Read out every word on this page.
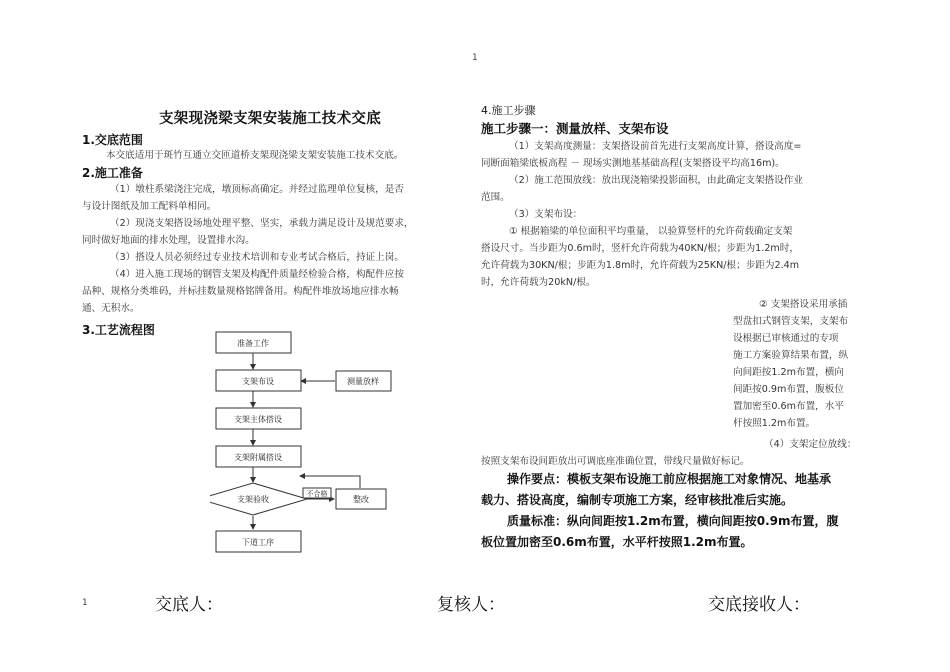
1
支架现浇梁支架安装施工技术交底
1.交底范围
本交底适用于斑竹互通立交匝道桥支架现浇梁支架安装施工技术交底。
2.施工准备

（1）墩柱系梁浇注完成，墩顶标高确定。并经过监理单位复核，是否

与设计图纸及加工配料单相同。

（2）现浇支架搭设场地处理平整、坚实，承载力满足设计及规范要求，

同时做好地面的排水处理，设置排水沟。

（3）搭设人员必须经过专业技术培训和专业考试合格后，持证上岗。

（4）进入施工现场的钢管支架及构配件质量经检验合格，构配件应按

品种、规格分类堆码，并标挂数量规格铭牌备用。构配件堆放场地应排水畅

通、无积水。

3.工艺流程图
准备工作
支架布设
支架主体搭设
支架附属搭设
支架验收
下道工序
测量放样
整改
不合格
4.施工步骤
施工步骤一：测量放样、支架布设

（1）支架高度测量：支架搭设前首先进行支架高度计算，搭设高度=

同断面箱梁底板高程 － 现场实测地基基础高程(支架搭设平均高16m)。

（2）施工范围放线：放出现浇箱梁投影面积，由此确定支架搭设作业

范围。

（3）支架布设：

① 根据箱梁的单位面积平均重量， 以验算竖杆的允许荷载确定支架

搭设尺寸。当步距为0.6m时，竖杆允许荷载为40KN/根；步距为1.2m时，

允许荷载为30KN/根；步距为1.8m时，允许荷载为25KN/根；步距为2.4m

时，允许荷载为20kN/根。

② 支架搭设采用承插

型盘扣式钢管支架，支架布

设根据已审核通过的专项

施工方案验算结果布置，纵

向间距按1.2m布置，横向

间距按0.9m布置，腹板位

置加密至0.6m布置，水平

杆按照1.2m布置。

（4）支架定位放线：
按照支架布设间距放出可调底座准确位置，带线尺量做好标记。

操作要点：模板支架布设施工前应根据施工对象情况、地基承

载力、搭设高度，编制专项施工方案，经审核批准后实施。

质量标准：纵向间距按1.2m布置，横向间距按0.9m布置，腹

板位置加密至0.6m布置，水平杆按照1.2m布置。

1	交底人：	复核人：	交底接收人：
